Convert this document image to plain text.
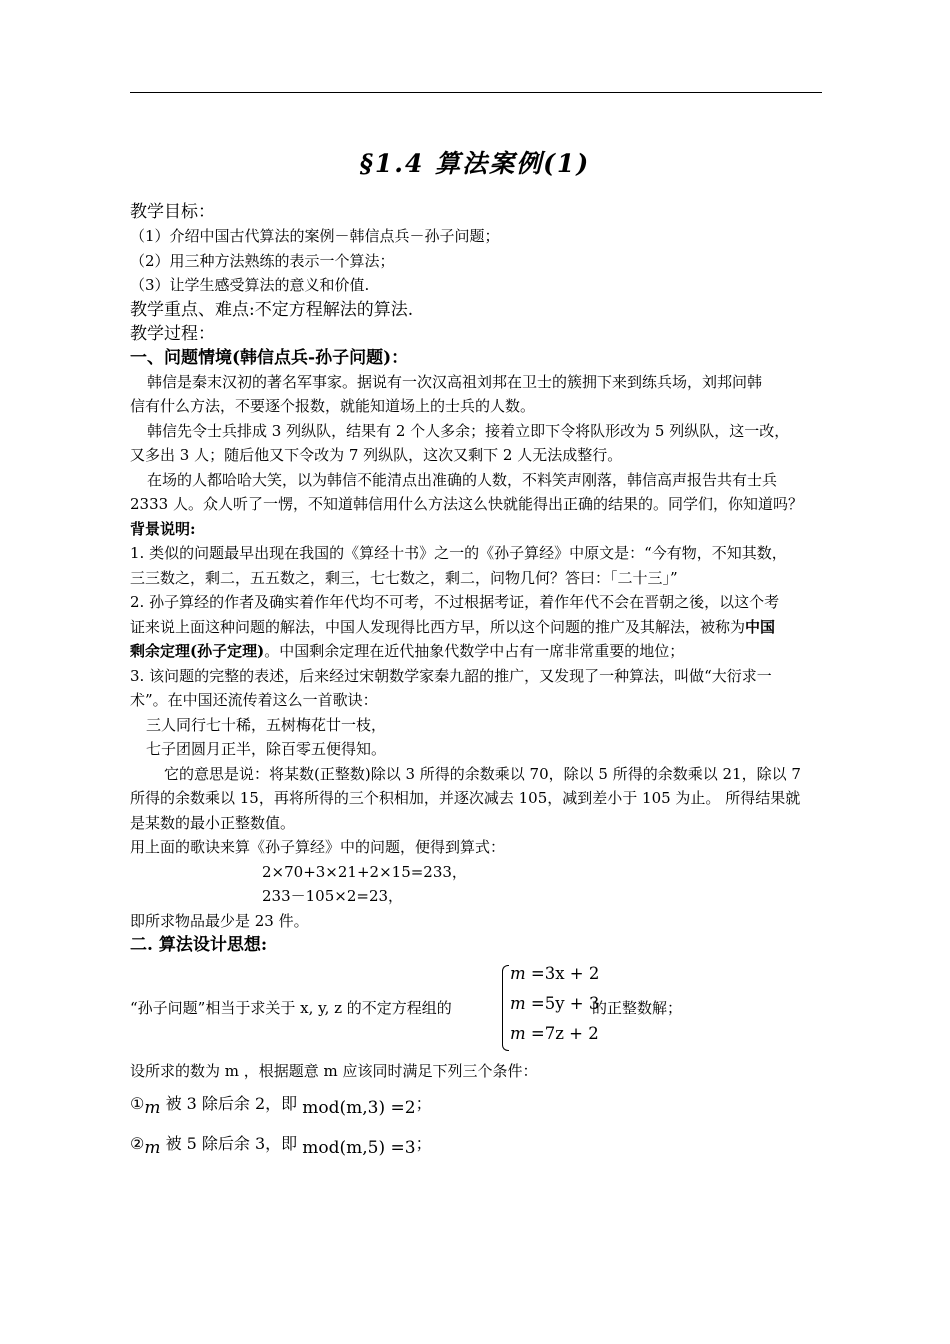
§1.4 算法案例(1)
教学目标：
（1）介绍中国古代算法的案例－韩信点兵－孙子问题；
（2）用三种方法熟练的表示一个算法；
（3）让学生感受算法的意义和价值.
教学重点、难点:不定方程解法的算法.
教学过程：
一、问题情境(韩信点兵-孙子问题)：
韩信是秦末汉初的著名军事家。据说有一次汉高祖刘邦在卫士的簇拥下来到练兵场，刘邦问韩
信有什么方法，不要逐个报数，就能知道场上的士兵的人数。
韩信先令士兵排成 3 列纵队，结果有 2 个人多余；接着立即下令将队形改为 5 列纵队，这一改，
又多出 3 人；随后他又下令改为 7 列纵队，这次又剩下 2 人无法成整行。
在场的人都哈哈大笑，以为韩信不能清点出准确的人数，不料笑声刚落，韩信高声报告共有士兵
2333 人。众人听了一愣，不知道韩信用什么方法这么快就能得出正确的结果的。同学们，你知道吗？
背景说明:
1. 类似的问题最早出现在我国的《算经十书》之一的《孙子算经》中原文是：“今有物，不知其数，
三三数之，剩二，五五数之，剩三，七七数之，剩二，问物几何？答曰：「二十三」”
2. 孙子算经的作者及确实着作年代均不可考，不过根据考证，着作年代不会在晋朝之後，以这个考
证来说上面这种问题的解法，中国人发现得比西方早，所以这个问题的推广及其解法，被称为中国
剩余定理(孙子定理)。中国剩余定理在近代抽象代数学中占有一席非常重要的地位；
3. 该问题的完整的表述，后来经过宋朝数学家秦九韶的推广，又发现了一种算法，叫做“大衍求一
术”。在中国还流传着这么一首歌诀：
三人同行七十稀，五树梅花廿一枝，
七子团圆月正半，除百零五便得知。
它的意思是说：将某数(正整数)除以 3 所得的余数乘以 70，除以 5 所得的余数乘以 21，除以 7
所得的余数乘以 15，再将所得的三个积相加，并逐次减去 105，减到差小于 105 为止。 所得结果就
是某数的最小正整数值。
用上面的歌诀来算《孙子算经》中的问题，便得到算式：
2×70+3×21+2×15=233，
233－105×2=23，
即所求物品最少是 23 件。
二. 算法设计思想:
“孙子问题”相当于求关于 x, y, z 的不定方程组的
m =3x + 2
m =5y + 3
m =7z + 2
的正整数解；
设所求的数为 m ，根据题意 m 应该同时满足下列三个条件：
①m 被 3 除后余 2，即 mod(m,3) =2；
②m 被 5 除后余 3，即 mod(m,5) =3；
